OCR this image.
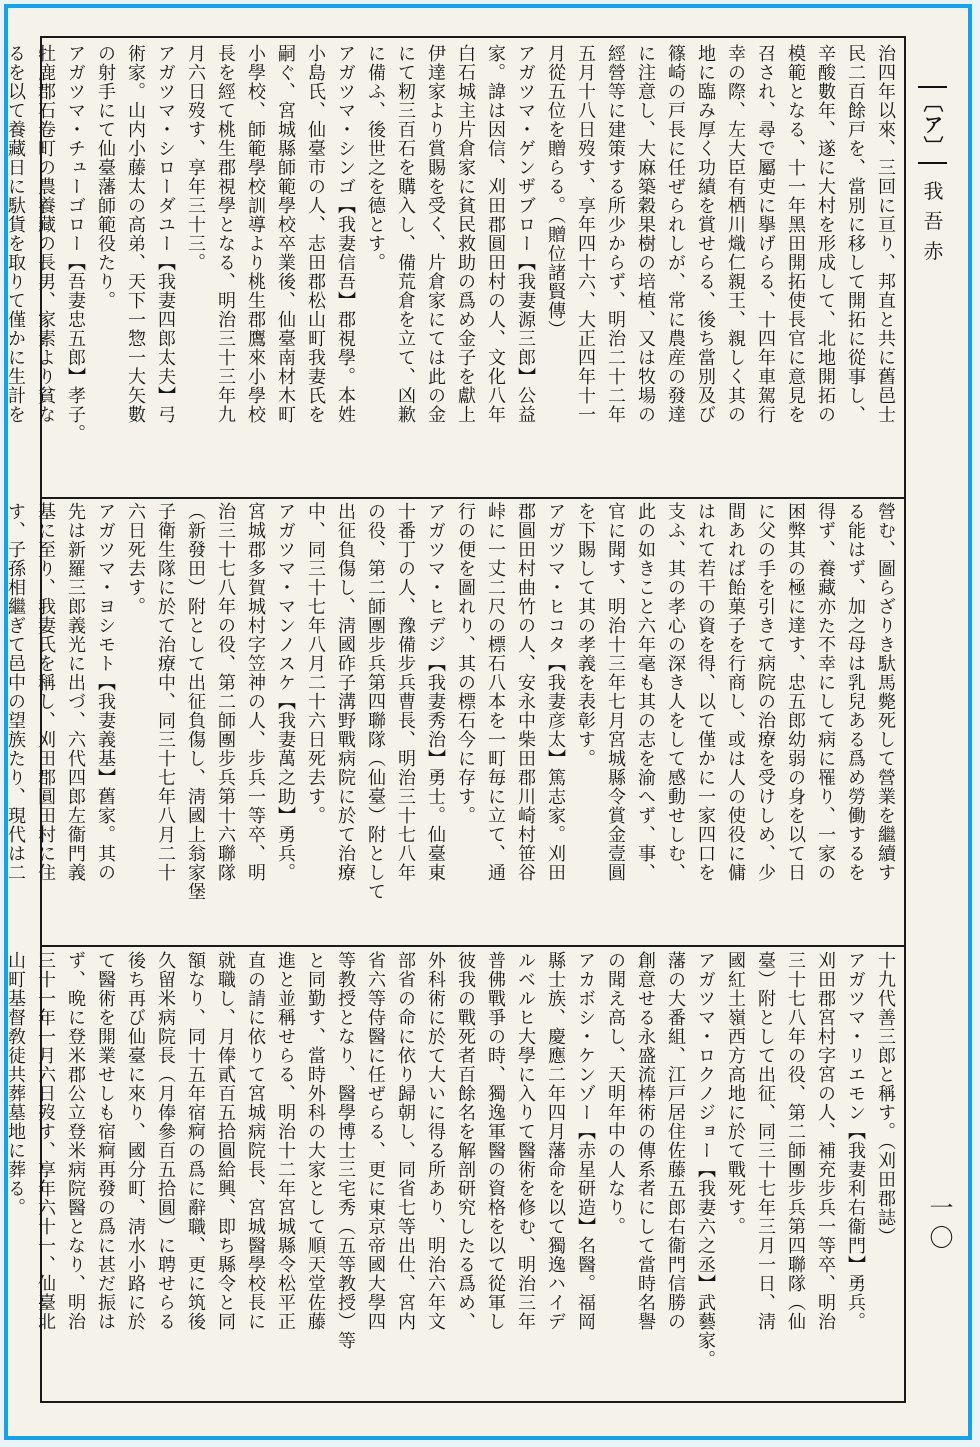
〔ア〕 我吾赤
一〇
治四年以來、三回に亘り、邦直と共に舊邑士
民二百餘戸を、當別に移して開拓に從事し、
辛酸數年、遂に大村を形成して、北地開拓の
模範となる、十一年黑田開拓使長官に意見を
召され、尋で屬吏に擧げらる、十四年車駕行
幸の際、左大臣有栖川熾仁親王、親しく其の
地に臨み厚く功績を賞せらる、後ち當別及び
篠崎の戸長に任ぜられしが、常に農産の發達
に注意し、大麻築穀果樹の培植、又は牧場の
經營等に建策する所少からず、明治二十二年
五月十八日歿す、享年四十六、大正四年十一
月從五位を贈らる。（贈位諸賢傳）
アガツマ・ゲンザブロー【我妻源三郎】公益
家。諱は因信、刈田郡圓田村の人、文化八年
白石城主片倉家に貧民救助の爲め金子を獻上
伊達家より賞賜を受く、片倉家にては此の金
にて籾三百石を購入し、備荒倉を立て、凶歉
に備ふ、後世之を德とす。
アガツマ・シンゴ【我妻信吾】郡視學。本姓
小島氏、仙臺市の人、志田郡松山町我妻氏を
嗣ぐ、宮城縣師範學校卒業後、仙臺南材木町
小學校、師範學校訓導より桃生郡鷹來小學校
長を經て桃生郡視學となる、明治三十三年九
月六日歿す、享年三十三。
アガツマ・シローダユー【我妻四郎太夫】弓
術家。山内小藤太の高弟、天下一惣一大矢數
の射手にて仙臺藩師範役たり。
アガツマ・チューゴロー【吾妻忠五郎】孝子。
牡鹿郡石卷町の農養藏の長男、家素より貧な
るを以て養藏日に馱貨を取りて僅かに生計を
營む、圖らざりき馱馬斃死して營業を繼續す
る能はず、加之母は乳兒ある爲め勞働するを
得ず、養藏亦た不幸にして病に罹り、一家の
困弊其の極に達す、忠五郎幼弱の身を以て日
に父の手を引きて病院の治療を受けしめ、少
間あれば飴菓子を行商し、或は人の使役に傭
はれて若干の資を得、以て僅かに一家四口を
支ふ、其の孝心の深き人をして感動せしむ、
此の如きこと六年毫も其の志を渝へず、事、
官に聞す、明治十三年七月宮城縣令賞金壹圓
を下賜して其の孝義を表彰す。
アガツマ・ヒコタ【我妻彦太】篤志家。刈田
郡圓田村曲竹の人、安永中柴田郡川崎村笹谷
峠に一丈二尺の標石八本を一町毎に立て、通
行の便を圖れり、其の標石今に存す。
アガツマ・ヒデジ【我妻秀治】勇士。仙臺東
十番丁の人、豫備步兵曹長、明治三十七八年
の役、第二師團步兵第四聯隊（仙臺）附として
出征負傷し、淸國砟子溝野戰病院に於て治療
中、同三十七年八月二十六日死去す。
アガツマ・マンノスケ【我妻萬之助】勇兵。
宮城郡多賀城村字笠神の人、步兵一等卒、明
治三十七八年の役、第二師團步兵第十六聯隊
（新發田）附として出征負傷し、淸國上翁家堡
子衛生隊に於て治療中、同三十七年八月二十
六日死去す。
アガツマ・ヨシモト【我妻義基】舊家。其の
先は新羅三郎義光に出づ、六代四郎左衞門義
基に至り、我妻氏を稱し、刈田郡圓田村に住
す、子孫相繼ぎて邑中の望族たり、現代は二
十九代善三郎と稱す。（刈田郡誌）
アガツマ・リエモン【我妻利右衞門】勇兵。
刈田郡宮村字宮の人、補充步兵一等卒、明治
三十七八年の役、第二師團步兵第四聯隊（仙
臺）附として出征、同三十七年三月一日、淸
國紅土嶺西方高地に於て戰死す。
アガツマ・ロクノジョー【我妻六之丞】武藝家。
藩の大番組、江戸居住佐藤五郎右衞門信勝の
創意せる永盛流棒術の傳系者にして當時名譽
の聞え高し、天明年中の人なり。
アカボシ・ケンゾー【赤星研造】名醫。福岡
縣士族、慶應二年四月藩命を以て獨逸ハイデ
ルベルヒ大學に入りて醫術を修む、明治三年
普佛戰爭の時、獨逸軍醫の資格を以て從軍し
彼我の戰死者百餘名を解剖研究したる爲め、
外科術に於て大いに得る所あり、明治六年文
部省の命に依り歸朝し、同省七等出仕、宮内
省六等侍醫に任ぜらる、更に東京帝國大學四
等教授となり、醫學博士三宅秀（五等教授）等
と同勤す、當時外科の大家として順天堂佐藤
進と並稱せらる、明治十二年宮城縣令松平正
直の請に依りて宮城病院長、宮城醫學校長に
就職し、月俸貳百五拾圓給興、即ち縣令と同
額なり、同十五年宿痾の爲に辭職、更に筑後
久留米病院長（月俸參百五拾圓）に聘せらる
後ち再び仙臺に來り、國分町、淸水小路に於
て醫術を開業せしも宿痾再發の爲に甚だ振は
ず、晩に登米郡公立登米病院醫となり、明治
三十一年一月六日歿す、享年六十一、仙臺北
山町基督敎徒共葬墓地に葬る。
